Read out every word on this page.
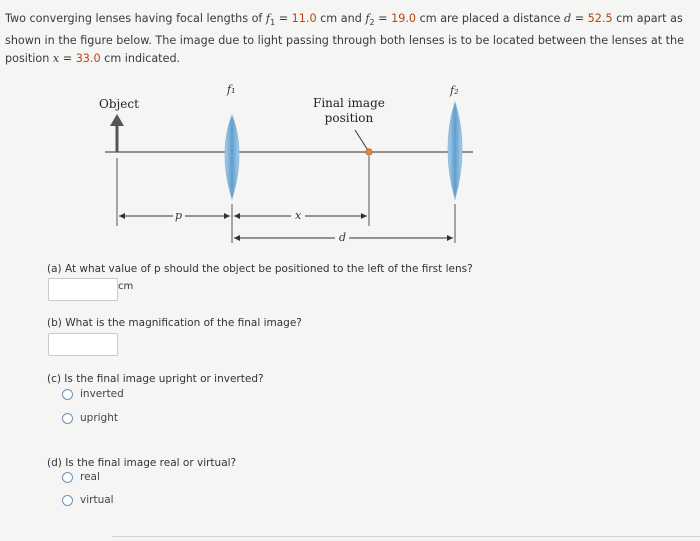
Two converging lenses having focal lengths of $f_1 = 11.0$ cm and $f_2 = 19.0$ cm are placed a distance d = 52.5 cm apart as shown in the figure below. The image due to light passing through both lenses is to be located between the lenses at the position x = 33.0 cm indicated.
Object
f₁	f₂
Final image
position
p	x
d
(a) At what value of p should the object be positioned to the left of the first lens?
cm
(b) What is the magnification of the final image?
(c) Is the final image upright or inverted?
inverted
upright
(d) Is the final image real or virtual?
real
virtual
